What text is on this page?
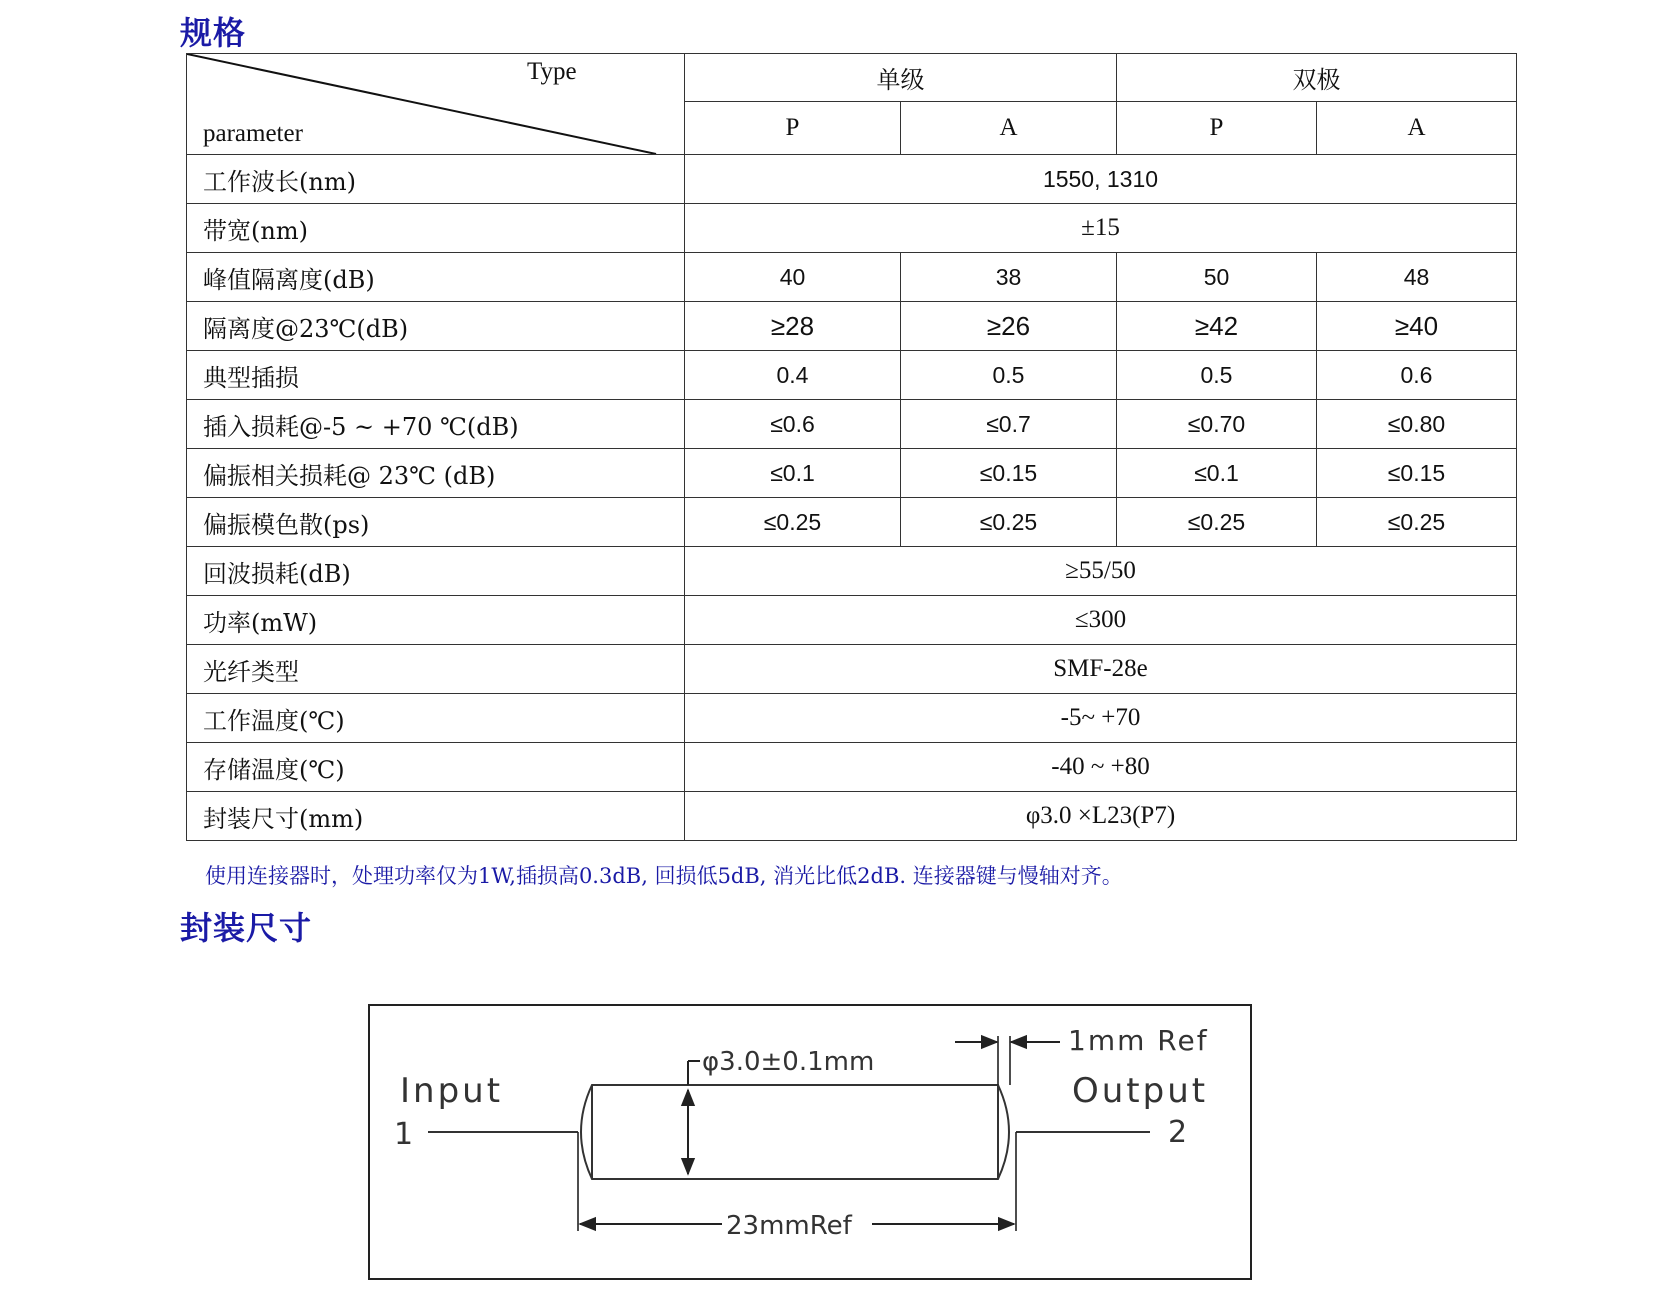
规格
Type
parameter	单级		双极	
	P	A	P	A
工作波长(nm)	1550, 1310			
带宽(nm)	±15			
峰值隔离度(dB)	40	38	50	48
隔离度@23℃(dB)	≥28	≥26	≥42	≥40
典型插损	0.4	0.5	0.5	0.6
插入损耗@-5 ~ +70 ℃(dB)	≤0.6	≤0.7	≤0.70	≤0.80
偏振相关损耗@ 23℃ (dB)	≤0.1	≤0.15	≤0.1	≤0.15
偏振模色散(ps)	≤0.25	≤0.25	≤0.25	≤0.25
回波损耗(dB)	≥55/50			
功率(mW)	≤300			
光纤类型	SMF-28e			
工作温度(℃)	-5~ +70			
存储温度(℃)	-40 ~ +80			
封装尺寸(mm)	φ3.0 ×L23(P7)			

使用连接器时，处理功率仅为1W,插损高0.3dB, 回损低5dB, 消光比低2dB. 连接器键与慢轴对齐。

封装尺寸
Input
1
Output
2
φ3.0±0.1mm
1mm Ref
23mmRef
